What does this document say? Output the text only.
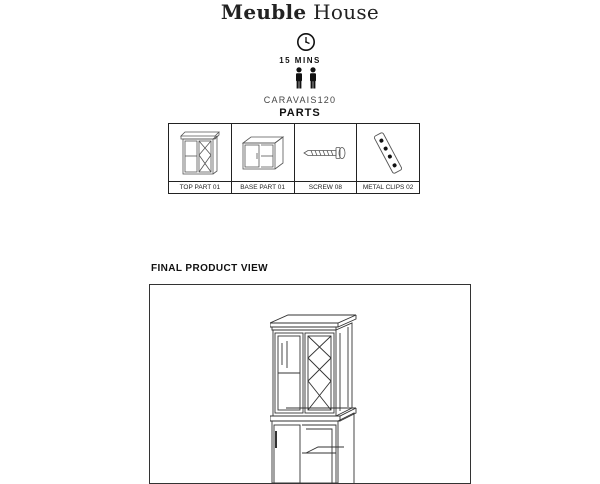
Meuble House
15 MINS
CARAVAIS120
PARTS
TOP PART 01	BASE PART 01	SCREW 08	METAL CLIPS 02
FINAL PRODUCT VIEW
